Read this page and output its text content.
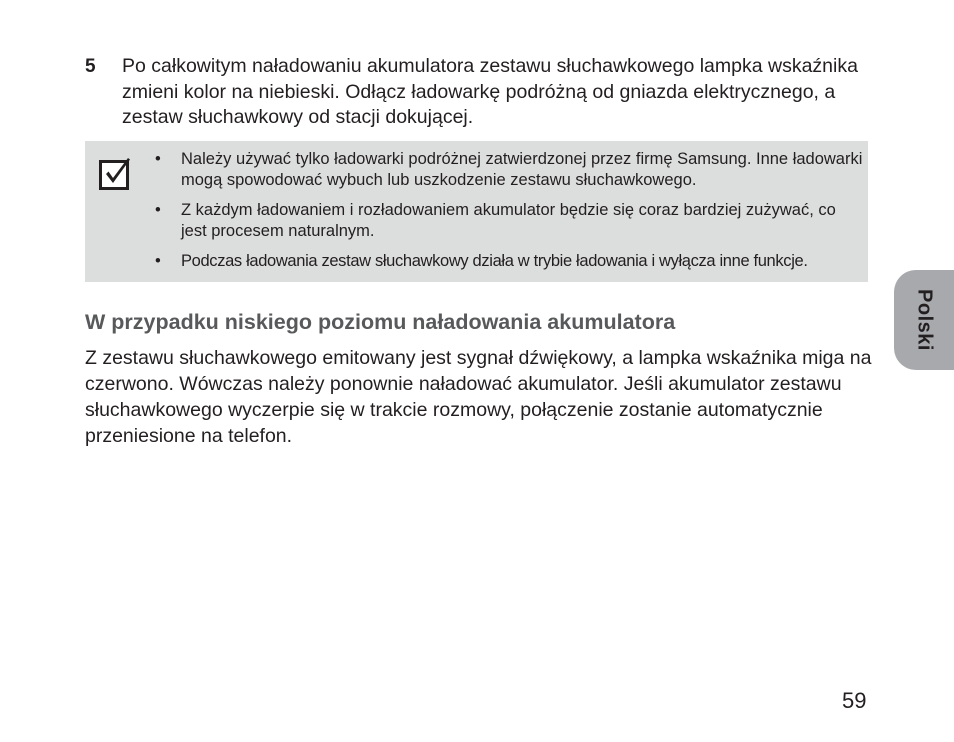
5 Po całkowitym naładowaniu akumulatora zestawu słuchawkowego lampka wskaźnika zmieni kolor na niebieski. Odłącz ładowarkę podróżną od gniazda elektrycznego, a zestaw słuchawkowy od stacji dokującej.
• Należy używać tylko ładowarki podróżnej zatwierdzonej przez firmę Samsung. Inne ładowarki mogą spowodować wybuch lub uszkodzenie zestawu słuchawkowego.
• Z każdym ładowaniem i rozładowaniem akumulator będzie się coraz bardziej zużywać, co jest procesem naturalnym.
• Podczas ładowania zestaw słuchawkowy działa w trybie ładowania i wyłącza inne funkcje.
W przypadku niskiego poziomu naładowania akumulatora

Z zestawu słuchawkowego emitowany jest sygnał dźwiękowy, a lampka wskaźnika miga na czerwono. Wówczas należy ponownie naładować akumulator. Jeśli akumulator zestawu słuchawkowego wyczerpie się w trakcie rozmowy, połączenie zostanie automatycznie przeniesione na telefon.

Polski
59
